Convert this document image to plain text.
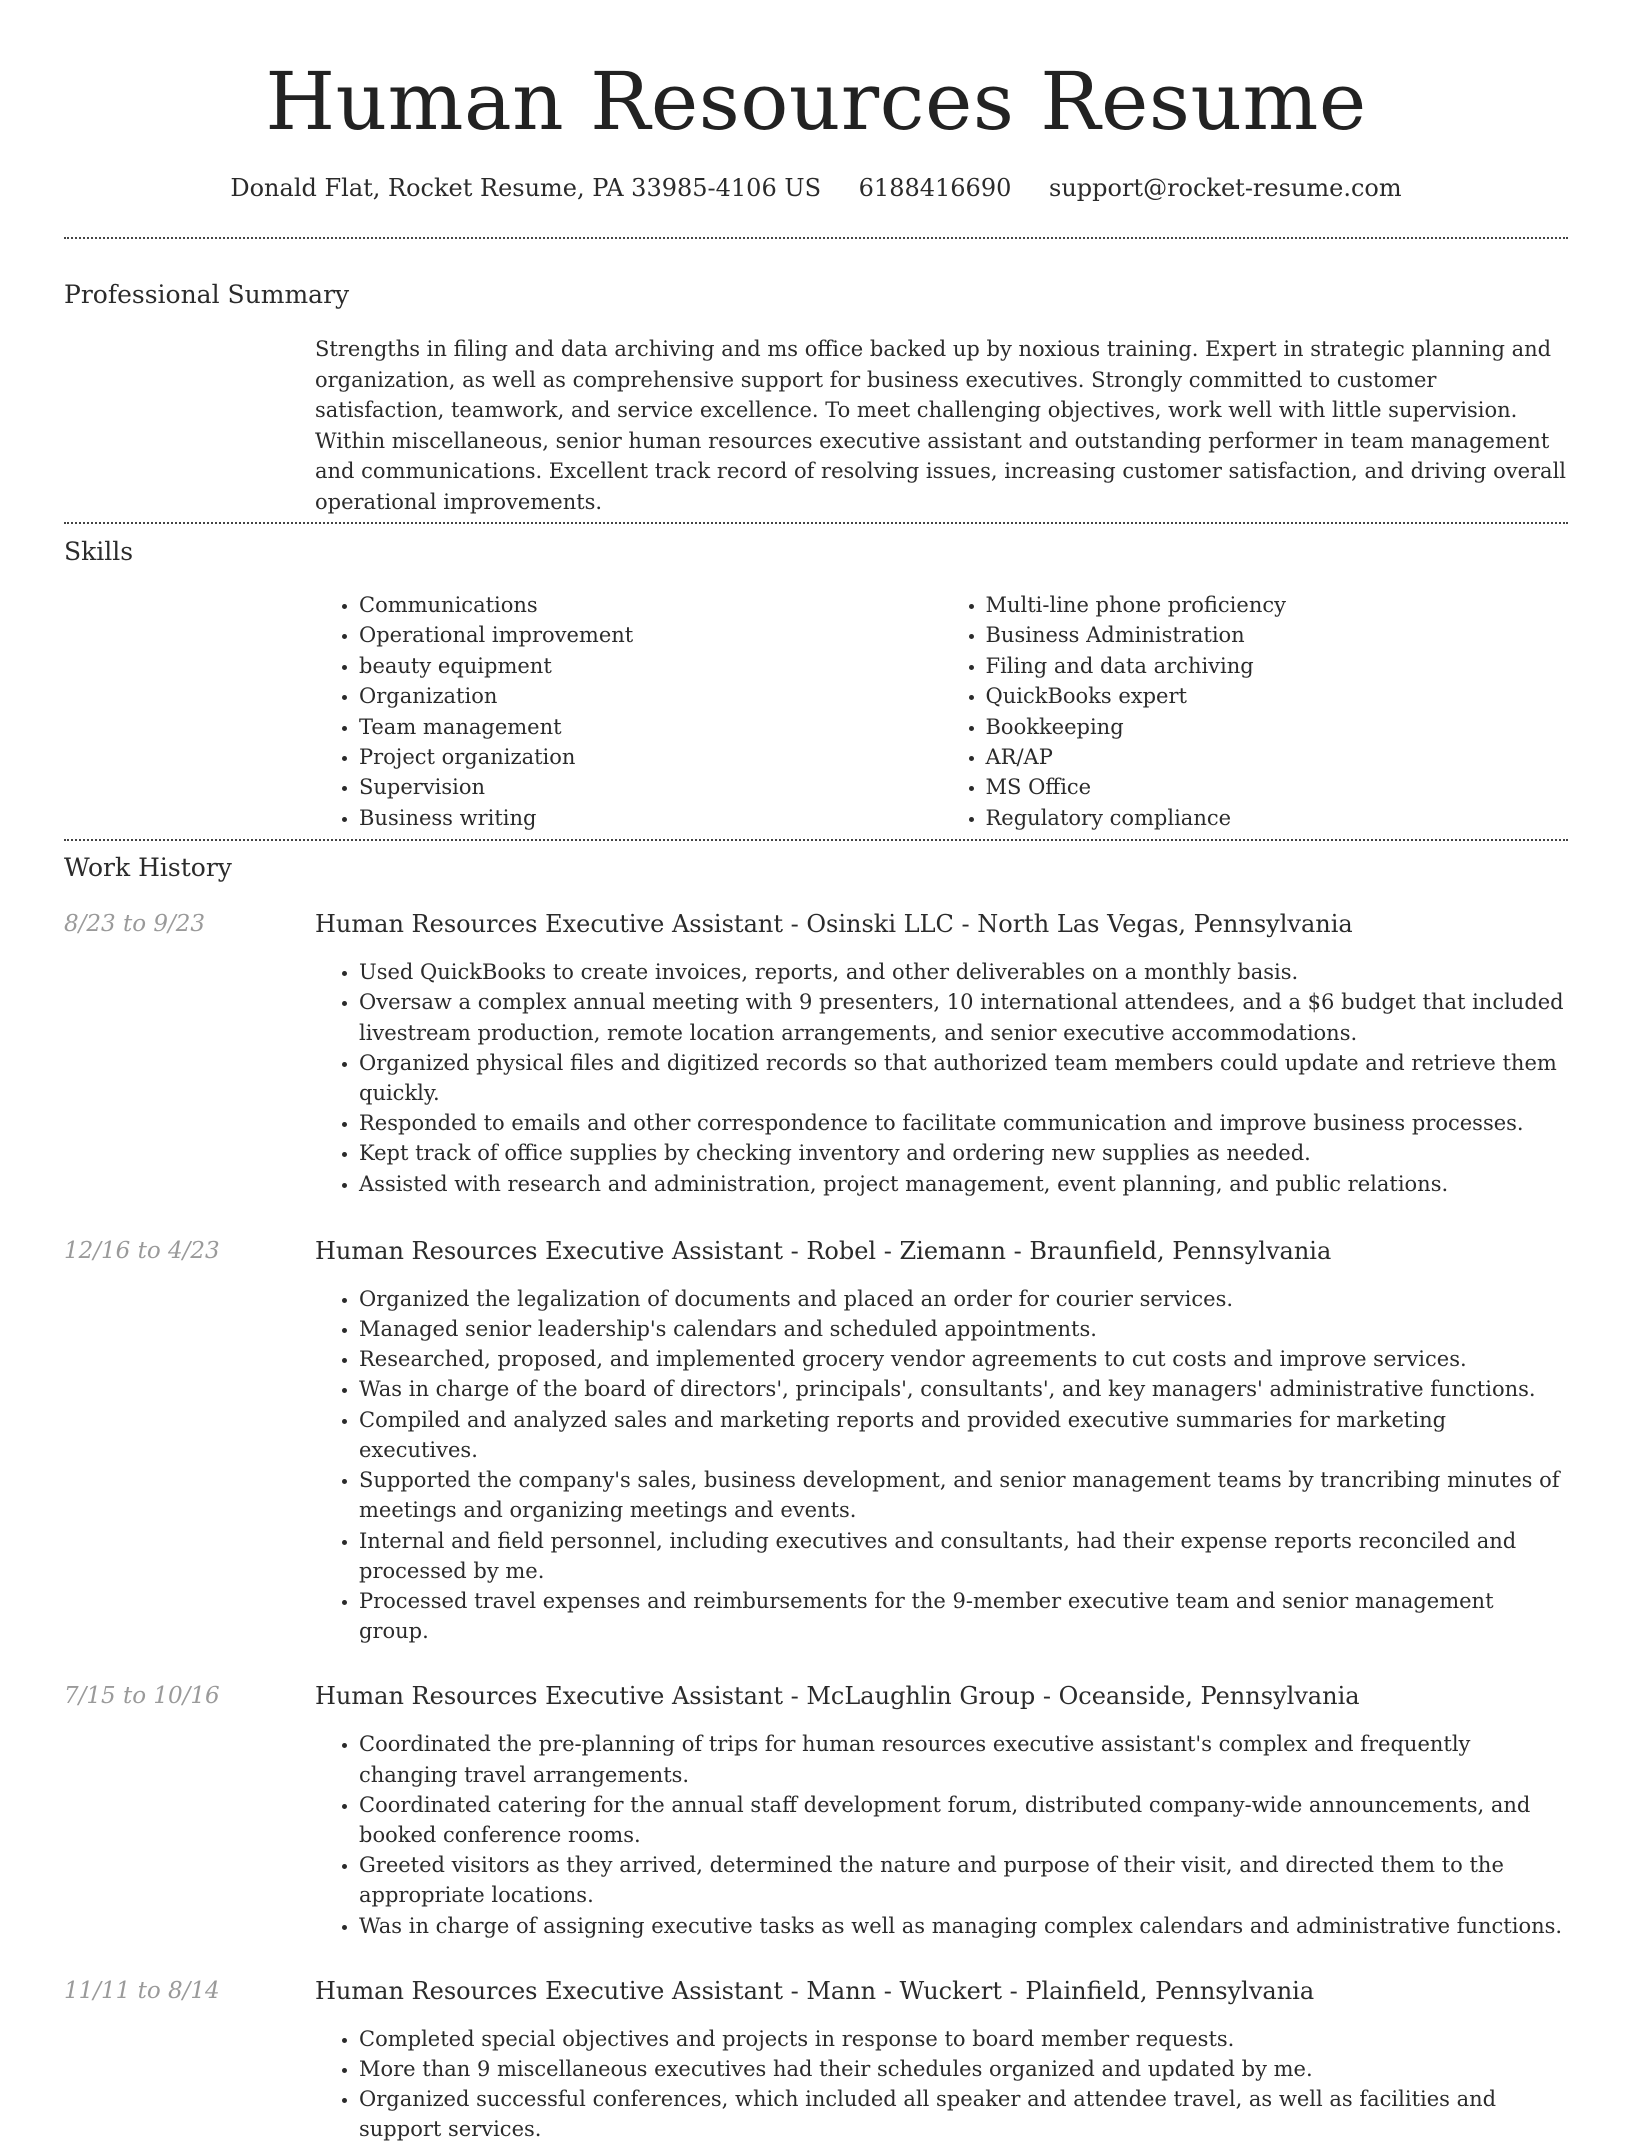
Human Resources Resume
Donald Flat, Rocket Resume, PA 33985-4106 US 6188416690 support@rocket-resume.com
Professional Summary

Strengths in filing and data archiving and ms office backed up by noxious training. Expert in strategic planning and organization, as well as comprehensive support for business executives. Strongly committed to customer satisfaction, teamwork, and service excellence. To meet challenging objectives, work well with little supervision. Within miscellaneous, senior human resources executive assistant and outstanding performer in team management and communications. Excellent track record of resolving issues, increasing customer satisfaction, and driving overall operational improvements.

Skills
• Communications
• Operational improvement
• beauty equipment
• Organization
• Team management
• Project organization
• Supervision
• Business writing
• Multi-line phone proficiency
• Business Administration
• Filing and data archiving
• QuickBooks expert
• Bookkeeping
• AR/AP
• MS Office
• Regulatory compliance
Work History
8/23 to 9/23	Human Resources Executive Assistant - Osinski LLC - North Las Vegas, Pennsylvania
• Used QuickBooks to create invoices, reports, and other deliverables on a monthly basis.
• Oversaw a complex annual meeting with 9 presenters, 10 international attendees, and a $6 budget that included livestream production, remote location arrangements, and senior executive accommodations.
• Organized physical files and digitized records so that authorized team members could update and retrieve them quickly.
• Responded to emails and other correspondence to facilitate communication and improve business processes.
• Kept track of office supplies by checking inventory and ordering new supplies as needed.
• Assisted with research and administration, project management, event planning, and public relations.
12/16 to 4/23	Human Resources Executive Assistant - Robel - Ziemann - Braunfield, Pennsylvania
• Organized the legalization of documents and placed an order for courier services.
• Managed senior leadership's calendars and scheduled appointments.
• Researched, proposed, and implemented grocery vendor agreements to cut costs and improve services.
• Was in charge of the board of directors', principals', consultants', and key managers' administrative functions.
• Compiled and analyzed sales and marketing reports and provided executive summaries for marketing executives.
• Supported the company's sales, business development, and senior management teams by trancribing minutes of meetings and organizing meetings and events.
• Internal and field personnel, including executives and consultants, had their expense reports reconciled and processed by me.
• Processed travel expenses and reimbursements for the 9-member executive team and senior management group.
7/15 to 10/16	Human Resources Executive Assistant - McLaughlin Group - Oceanside, Pennsylvania
• Coordinated the pre-planning of trips for human resources executive assistant's complex and frequently changing travel arrangements.
• Coordinated catering for the annual staff development forum, distributed company-wide announcements, and booked conference rooms.
• Greeted visitors as they arrived, determined the nature and purpose of their visit, and directed them to the appropriate locations.
• Was in charge of assigning executive tasks as well as managing complex calendars and administrative functions.
11/11 to 8/14	Human Resources Executive Assistant - Mann - Wuckert - Plainfield, Pennsylvania
• Completed special objectives and projects in response to board member requests.
• More than 9 miscellaneous executives had their schedules organized and updated by me.
• Organized successful conferences, which included all speaker and attendee travel, as well as facilities and support services.
